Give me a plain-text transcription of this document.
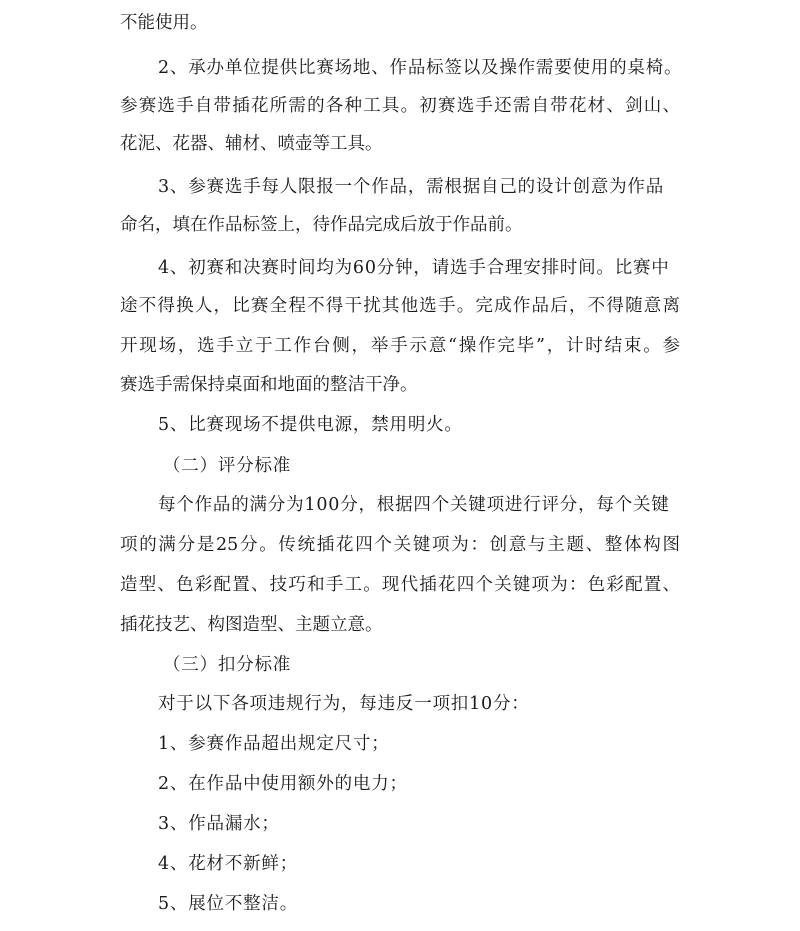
不能使用。
2、承办单位提供比赛场地、作品标签以及操作需要使用的桌椅。
参赛选手自带插花所需的各种工具。初赛选手还需自带花材、剑山、
花泥、花器、辅材、喷壶等工具。
3、参赛选手每人限报一个作品，需根据自己的设计创意为作品
命名，填在作品标签上，待作品完成后放于作品前。
4、初赛和决赛时间均为60分钟，请选手合理安排时间。比赛中
途不得换人，比赛全程不得干扰其他选手。完成作品后，不得随意离
开现场，选手立于工作台侧，举手示意“操作完毕”，计时结束。参
赛选手需保持桌面和地面的整洁干净。
5、比赛现场不提供电源，禁用明火。
（二）评分标准
每个作品的满分为100分，根据四个关键项进行评分，每个关键
项的满分是25分。传统插花四个关键项为：创意与主题、整体构图
造型、色彩配置、技巧和手工。现代插花四个关键项为：色彩配置、
插花技艺、构图造型、主题立意。
（三）扣分标准
对于以下各项违规行为，每违反一项扣10分：
1、参赛作品超出规定尺寸；
2、在作品中使用额外的电力；
3、作品漏水；
4、花材不新鲜；
5、展位不整洁。
